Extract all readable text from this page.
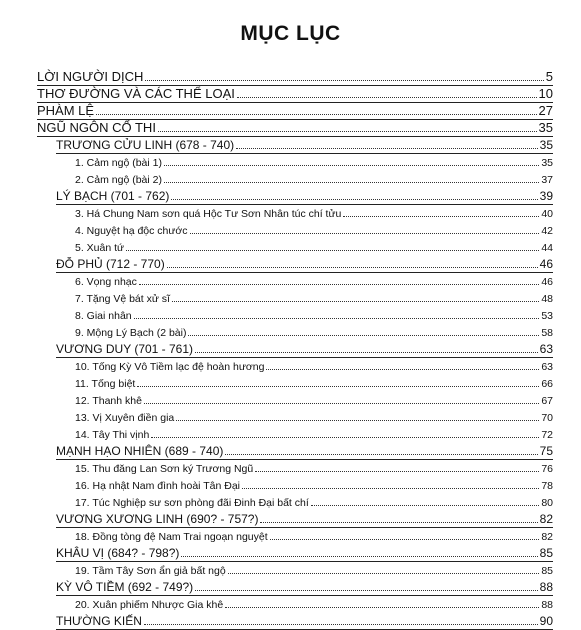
MỤC LỤC
LỜI NGƯỜI DỊCH	5
THƠ ĐƯỜNG VÀ CÁC THỂ LOẠI	10
PHÀM LỆ	27
NGŨ NGÔN CỔ THI	35
TRƯƠNG CỬU LINH (678 - 740)	35
1. Cảm ngộ (bài 1)	35
2. Cảm ngộ (bài 2)	37
LÝ BẠCH (701 - 762)	39
3. Há Chung Nam sơn quá Hộc Tư Sơn Nhân túc chí tửu	40
4. Nguyệt hạ độc chước	42
5. Xuân tứ	44
ĐỖ PHỦ (712 - 770)	46
6. Vọng nhạc	46
7. Tặng Vệ bát xử sĩ	48
8. Giai nhân	53
9. Mộng Lý Bạch (2 bài)	58
VƯƠNG DUY (701 - 761)	63
10. Tống Kỳ Vô Tiềm lạc đệ hoàn hương	63
11. Tống biệt	66
12. Thanh khê	67
13. Vị Xuyên điền gia	70
14. Tây Thi vịnh	72
MẠNH HẠO NHIÊN (689 - 740)	75
15. Thu đăng Lan Sơn ký Trương Ngũ	76
16. Hạ nhật Nam đình hoài Tân Đại	78
17. Túc Nghiệp sư sơn phòng đãi Đinh Đại bất chí	80
VƯƠNG XƯƠNG LINH (690? - 757?)	82
18. Đồng tòng đệ Nam Trai ngoạn nguyệt	82
KHÂU VỊ (684? - 798?)	85
19. Tầm Tây Sơn ẩn giả bất ngộ	85
KỲ VÔ TIỀM (692 - 749?)	88
20. Xuân phiếm Nhược Gia khê	88
THƯỜNG KIẾN	90
